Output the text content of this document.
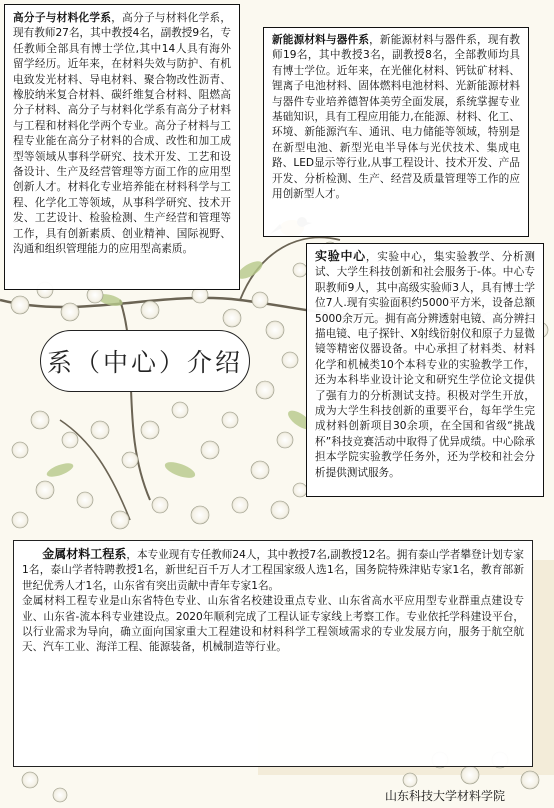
高分子与材料化学系，高分子与材料化学系，现有教师27名，其中教授4名，副教授9名，专任教师全部具有博士学位,其中14人具有海外留学经历。近年来，在材料失效与防护、有机电致发光材料、导电材料、聚合物改性沥青、橡胶纳米复合材料、碳纤维复合材料、阻燃高分子材料、高分子与材料化学系有高分子材料与工程和材料化学两个专业。高分子材料与工程专业能在高分子材料的合成、改性和加工成型等领域从事科学研究、技术开发、工艺和设备设计、生产及经营管理等方面工作的应用型创新人才。材料化专业培养能在材料科学与工程、化学化工等领域，从事科学研究、技术开发、工艺设计、检验检测、生产经营和管理等工作，具有创新素质、创业精神、国际视野、沟通和组织管理能力的应用型高素质。

新能源材料与器件系，新能源材料与器件系，现有教师19名，其中教授3名，副教授8名，全部教师均具有博士学位。近年来，在光催化材料、钙钛矿材料、锂离子电池材料、固体燃料电池材料、光新能源材料与器件专业培养德智体美劳全面发展，系统掌握专业基础知识，具有工程应用能力,在能源、材料、化工、环境、新能源汽车、通讯、电力储能等领域，特别是在新型电池、新型光电半导体与光伏技术、集成电路、LED显示等行业,从事工程设计、技术开发、产品开发、分析检测、生产、经营及质量管理等工作的应用创新型人才。

实验中心，实验中心，集实验教学、分析测试、大学生科技创新和社会服务于-体。中心专职教师9人，其中高级实验师3人，具有博士学位7人.现有实验面积约5000平方米，设备总额5000余万元。拥有高分辨透射电镜、高分辨扫描电镜、电子探针、X射线衍射仪和原子力显微镜等精密仪器设备。中心承担了材料类、材料化学和机械类10个本科专业的实验教学工作，还为本科毕业设计论文和研究生学位论文提供了强有力的分析测试支持。积极对学生开放，成为大学生科技创新的重要平台，每年学生完成材料创新项目30余项，在全国和省级“挑战杯”科技竞赛活动中取得了优异成绩。中心除承担本学院实验教学任务外，还为学校和社会分析提供测试服务。

系（中心）介绍

金属材料工程系，本专业现有专任教师24人，其中教授7名,副教授12名。拥有泰山学者攀登计划专家1名，泰山学者特聘教授1名，新世纪百千万人才工程国家级人选1名，国务院特殊津贴专家1名，教育部新世纪优秀人才1名，山东省有突出贡献中青年专家1名。

金属材料工程专业是山东省特色专业、山东省名校建设重点专业、山东省高水平应用型专业群重点建设专业、山东省-流本科专业建设点。2020年顺利完成了工程认证专家线上考察工作。专业依托学科建设平台，以行业需求为导向，确立面向国家重大工程建设和材料科学工程领域需求的专业发展方向，服务于航空航天、汽车工业、海洋工程、能源装备，机械制造等行业。

山东科技大学材料学院
